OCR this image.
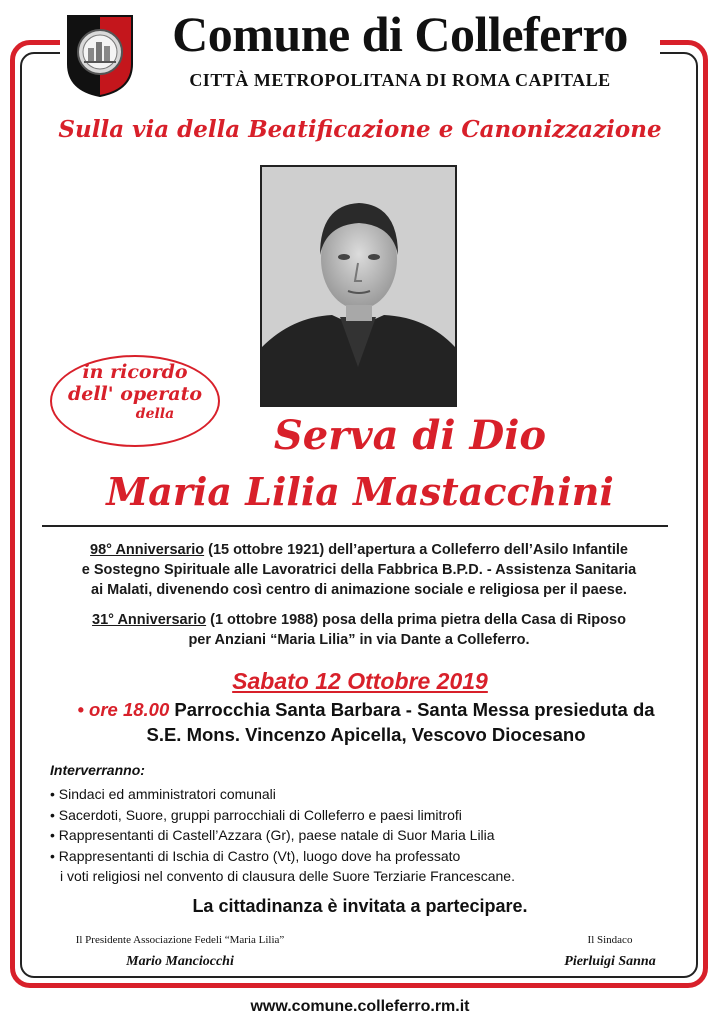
Comune di Colleferro
CITTÀ METROPOLITANA DI ROMA CAPITALE
Sulla via della Beatificazione e Canonizzazione
in ricordo
dell' operato
della	Serva di Dio
Maria Lilia Mastacchini
98° Anniversario (15 ottobre 1921) dell’apertura a Colleferro dell’Asilo Infantile
e Sostegno Spirituale alle Lavoratrici della Fabbrica B.P.D. - Assistenza Sanitaria
ai Malati, divenendo così centro di animazione sociale e religiosa per il paese.
31° Anniversario (1 ottobre 1988) posa della prima pietra della Casa di Riposo
per Anziani “Maria Lilia” in via Dante a Colleferro.
Sabato 12 Ottobre 2019
• ore 18.00 Parrocchia Santa Barbara - Santa Messa presieduta da
S.E. Mons. Vincenzo Apicella, Vescovo Diocesano
Interverranno:
• Sindaci ed amministratori comunali
• Sacerdoti, Suore, gruppi parrocchiali di Colleferro e paesi limitrofi
• Rappresentanti di Castell’Azzara (Gr), paese natale di Suor Maria Lilia
• Rappresentanti di Ischia di Castro (Vt), luogo dove ha professato
i voti religiosi nel convento di clausura delle Suore Terziarie Francescane.
La cittadinanza è invitata a partecipare.
Il Presidente Associazione Fedeli “Maria Lilia”
Mario Manciocchi
Il Sindaco
Pierluigi Sanna
www.comune.colleferro.rm.it
